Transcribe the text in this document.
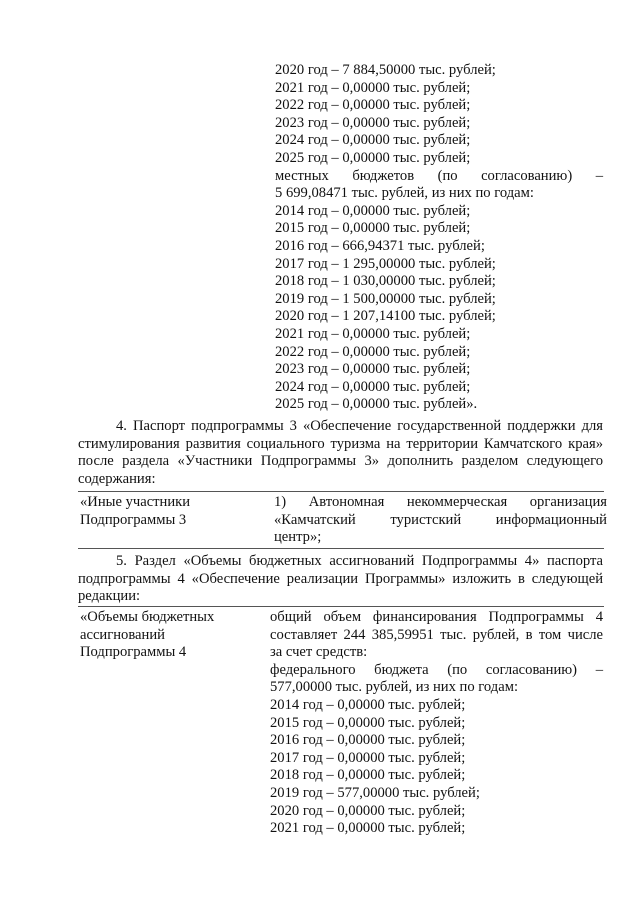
2020 год – 7 884,50000 тыс. рублей;
2021 год – 0,00000 тыс. рублей;
2022 год – 0,00000 тыс. рублей;
2023 год – 0,00000 тыс. рублей;
2024 год – 0,00000 тыс. рублей;
2025 год – 0,00000 тыс. рублей;
местных бюджетов (по согласованию) –
5 699,08471 тыс. рублей, из них по годам:
2014 год – 0,00000 тыс. рублей;
2015 год – 0,00000 тыс. рублей;
2016 год – 666,94371 тыс. рублей;
2017 год – 1 295,00000 тыс. рублей;
2018 год – 1 030,00000 тыс. рублей;
2019 год – 1 500,00000 тыс. рублей;
2020 год – 1 207,14100 тыс. рублей;
2021 год – 0,00000 тыс. рублей;
2022 год – 0,00000 тыс. рублей;
2023 год – 0,00000 тыс. рублей;
2024 год – 0,00000 тыс. рублей;
2025 год – 0,00000 тыс. рублей».
4. Паспорт подпрограммы 3 «Обеспечение государственной поддержки для
стимулирования развития социального туризма на территории Камчатского края»
после раздела «Участники Подпрограммы 3» дополнить разделом следующего
содержания:
«Иные участники
Подпрограммы 3
1) Автономная некоммерческая организация
«Камчатский туристский информационный
центр»;
5. Раздел «Объемы бюджетных ассигнований Подпрограммы 4» паспорта
подпрограммы 4 «Обеспечение реализации Программы» изложить в следующей
редакции:
«Объемы бюджетных
ассигнований
Подпрограммы 4
общий объем финансирования Подпрограммы 4
составляет 244 385,59951 тыс. рублей, в том числе
за счет средств:
федерального бюджета (по согласованию) –
577,00000 тыс. рублей, из них по годам:
2014 год – 0,00000 тыс. рублей;
2015 год – 0,00000 тыс. рублей;
2016 год – 0,00000 тыс. рублей;
2017 год – 0,00000 тыс. рублей;
2018 год – 0,00000 тыс. рублей;
2019 год – 577,00000 тыс. рублей;
2020 год – 0,00000 тыс. рублей;
2021 год – 0,00000 тыс. рублей;
